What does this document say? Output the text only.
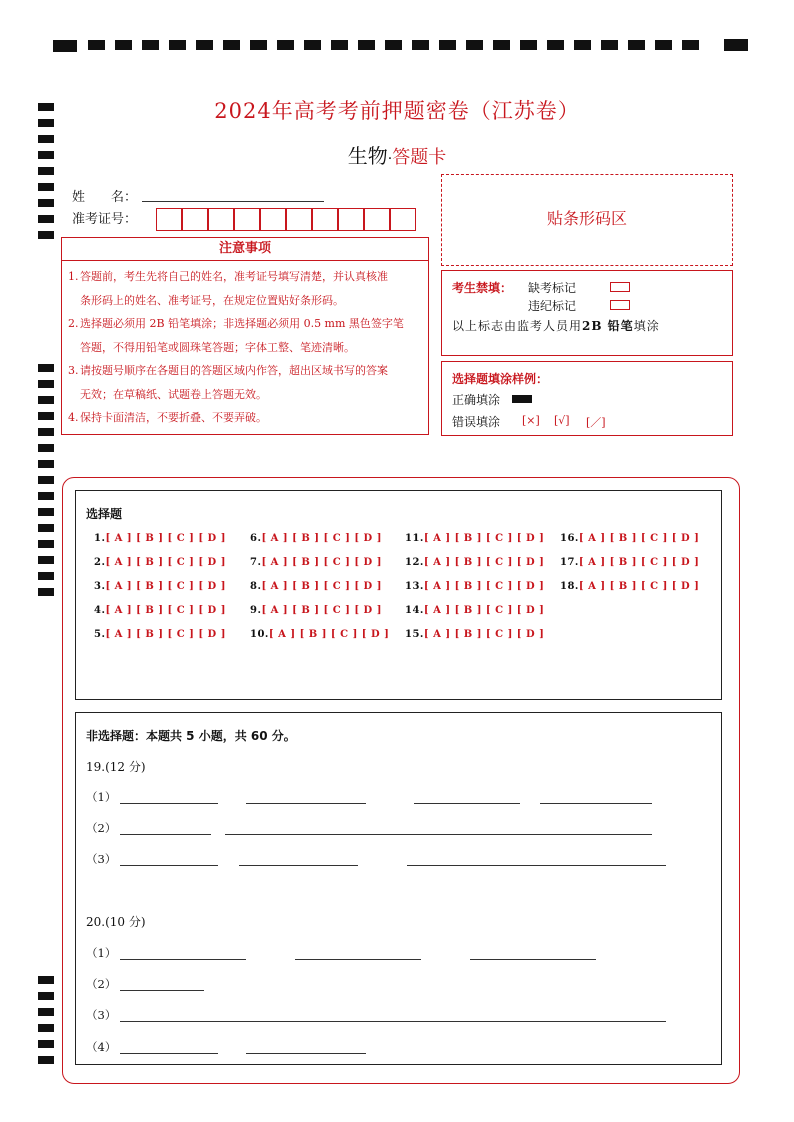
2024年高考考前押题密卷（江苏卷）
生物·答题卡
姓　　名：
准考证号：
注意事项

1. 答题前，考生先将自己的姓名，准考证号填写清楚，并认真核准

条形码上的姓名、准考证号，在规定位置贴好条形码。

2. 选择题必须用 2B 铅笔填涂；非选择题必须用 0.5 mm 黑色签字笔

答题，不得用铅笔或圆珠笔答题；字体工整、笔迹清晰。

3. 请按题号顺序在各题目的答题区域内作答，超出区域书写的答案

无效；在草稿纸、试题卷上答题无效。

4. 保持卡面清洁，不要折叠、不要弄破。

贴条形码区
考生禁填： 缺考标记
违纪标记
以上标志由监考人员用2B 铅笔填涂
选择题填涂样例：
正确填涂
错误填涂 [×] [√] [／]
选择题
1.[ A ] [ B ] [ C ] [ D ]
2.[ A ] [ B ] [ C ] [ D ]
3.[ A ] [ B ] [ C ] [ D ]
4.[ A ] [ B ] [ C ] [ D ]
5.[ A ] [ B ] [ C ] [ D ]
6.[ A ] [ B ] [ C ] [ D ]
7.[ A ] [ B ] [ C ] [ D ]
8.[ A ] [ B ] [ C ] [ D ]
9.[ A ] [ B ] [ C ] [ D ]
10.[ A ] [ B ] [ C ] [ D ]
11.[ A ] [ B ] [ C ] [ D ]
12.[ A ] [ B ] [ C ] [ D ]
13.[ A ] [ B ] [ C ] [ D ]
14.[ A ] [ B ] [ C ] [ D ]
15.[ A ] [ B ] [ C ] [ D ]
16.[ A ] [ B ] [ C ] [ D ]
17.[ A ] [ B ] [ C ] [ D ]
18.[ A ] [ B ] [ C ] [ D ]
非选择题：本题共 5 小题，共 60 分。
19.(12 分)
（1）
（2）
（3）
20.(10 分)
（1）
（2）
（3）
（4）
